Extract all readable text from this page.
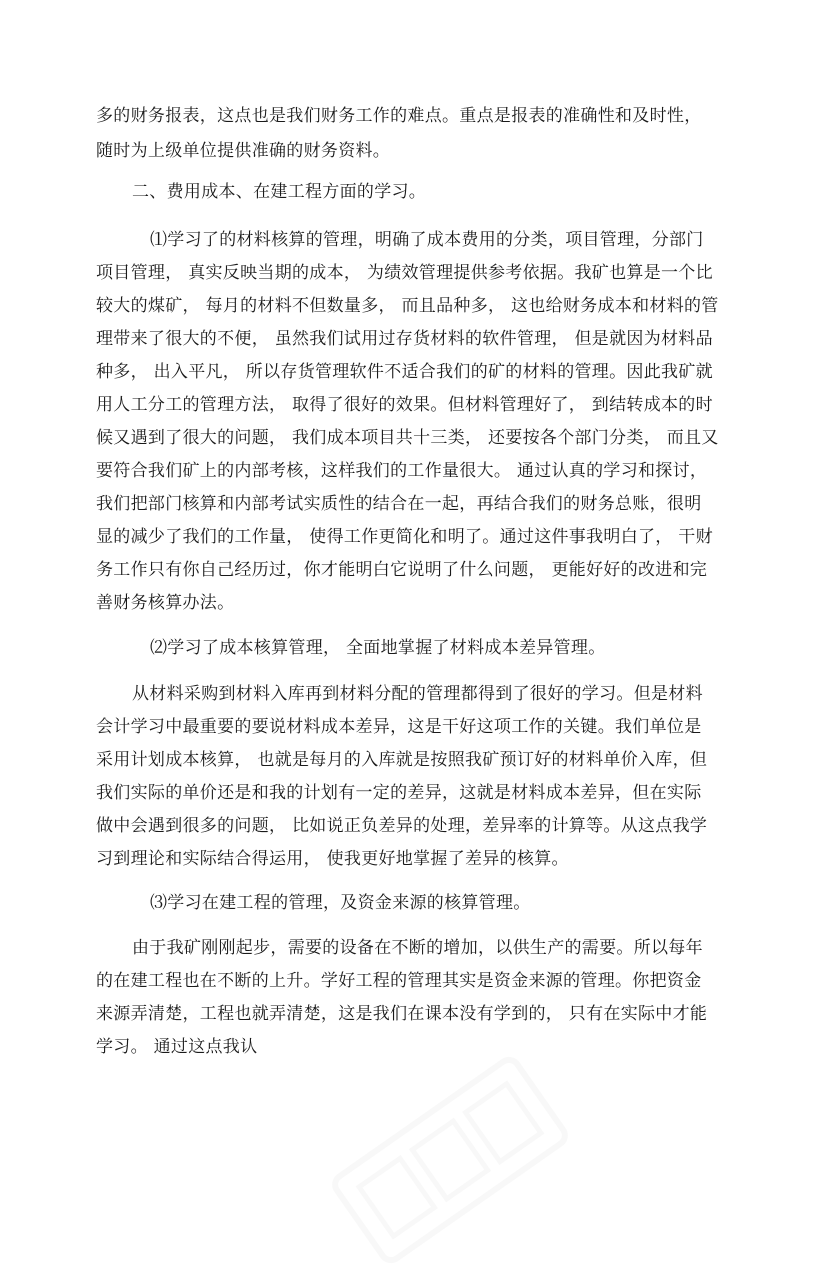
多的财务报表，这点也是我们财务工作的难点。重点是报表的准确性和及时性，
随时为上级单位提供准确的财务资料。
二、费用成本、在建工程方面的学习。
⑴学习了的材料核算的管理，明确了成本费用的分类，项目管理，分部门
项目管理， 真实反映当期的成本， 为绩效管理提供参考依据。我矿也算是一个比
较大的煤矿， 每月的材料不但数量多， 而且品种多， 这也给财务成本和材料的管
理带来了很大的不便， 虽然我们试用过存货材料的软件管理， 但是就因为材料品
种多， 出入平凡， 所以存货管理软件不适合我们的矿的材料的管理。因此我矿就
用人工分工的管理方法， 取得了很好的效果。但材料管理好了， 到结转成本的时
候又遇到了很大的问题， 我们成本项目共十三类， 还要按各个部门分类， 而且又
要符合我们矿上的内部考核，这样我们的工作量很大。 通过认真的学习和探讨，
我们把部门核算和内部考试实质性的结合在一起，再结合我们的财务总账，很明
显的减少了我们的工作量， 使得工作更简化和明了。通过这件事我明白了， 干财
务工作只有你自己经历过，你才能明白它说明了什么问题， 更能好好的改进和完
善财务核算办法。
⑵学习了成本核算管理， 全面地掌握了材料成本差异管理。
从材料采购到材料入库再到材料分配的管理都得到了很好的学习。但是材料
会计学习中最重要的要说材料成本差异，这是干好这项工作的关键。我们单位是
采用计划成本核算， 也就是每月的入库就是按照我矿预订好的材料单价入库，但
我们实际的单价还是和我的计划有一定的差异，这就是材料成本差异，但在实际
做中会遇到很多的问题， 比如说正负差异的处理，差异率的计算等。从这点我学
习到理论和实际结合得运用， 使我更好地掌握了差异的核算。
⑶学习在建工程的管理，及资金来源的核算管理。
由于我矿刚刚起步，需要的设备在不断的增加，以供生产的需要。所以每年
的在建工程也在不断的上升。学好工程的管理其实是资金来源的管理。你把资金
来源弄清楚，工程也就弄清楚，这是我们在课本没有学到的， 只有在实际中才能
学习。 通过这点我认
